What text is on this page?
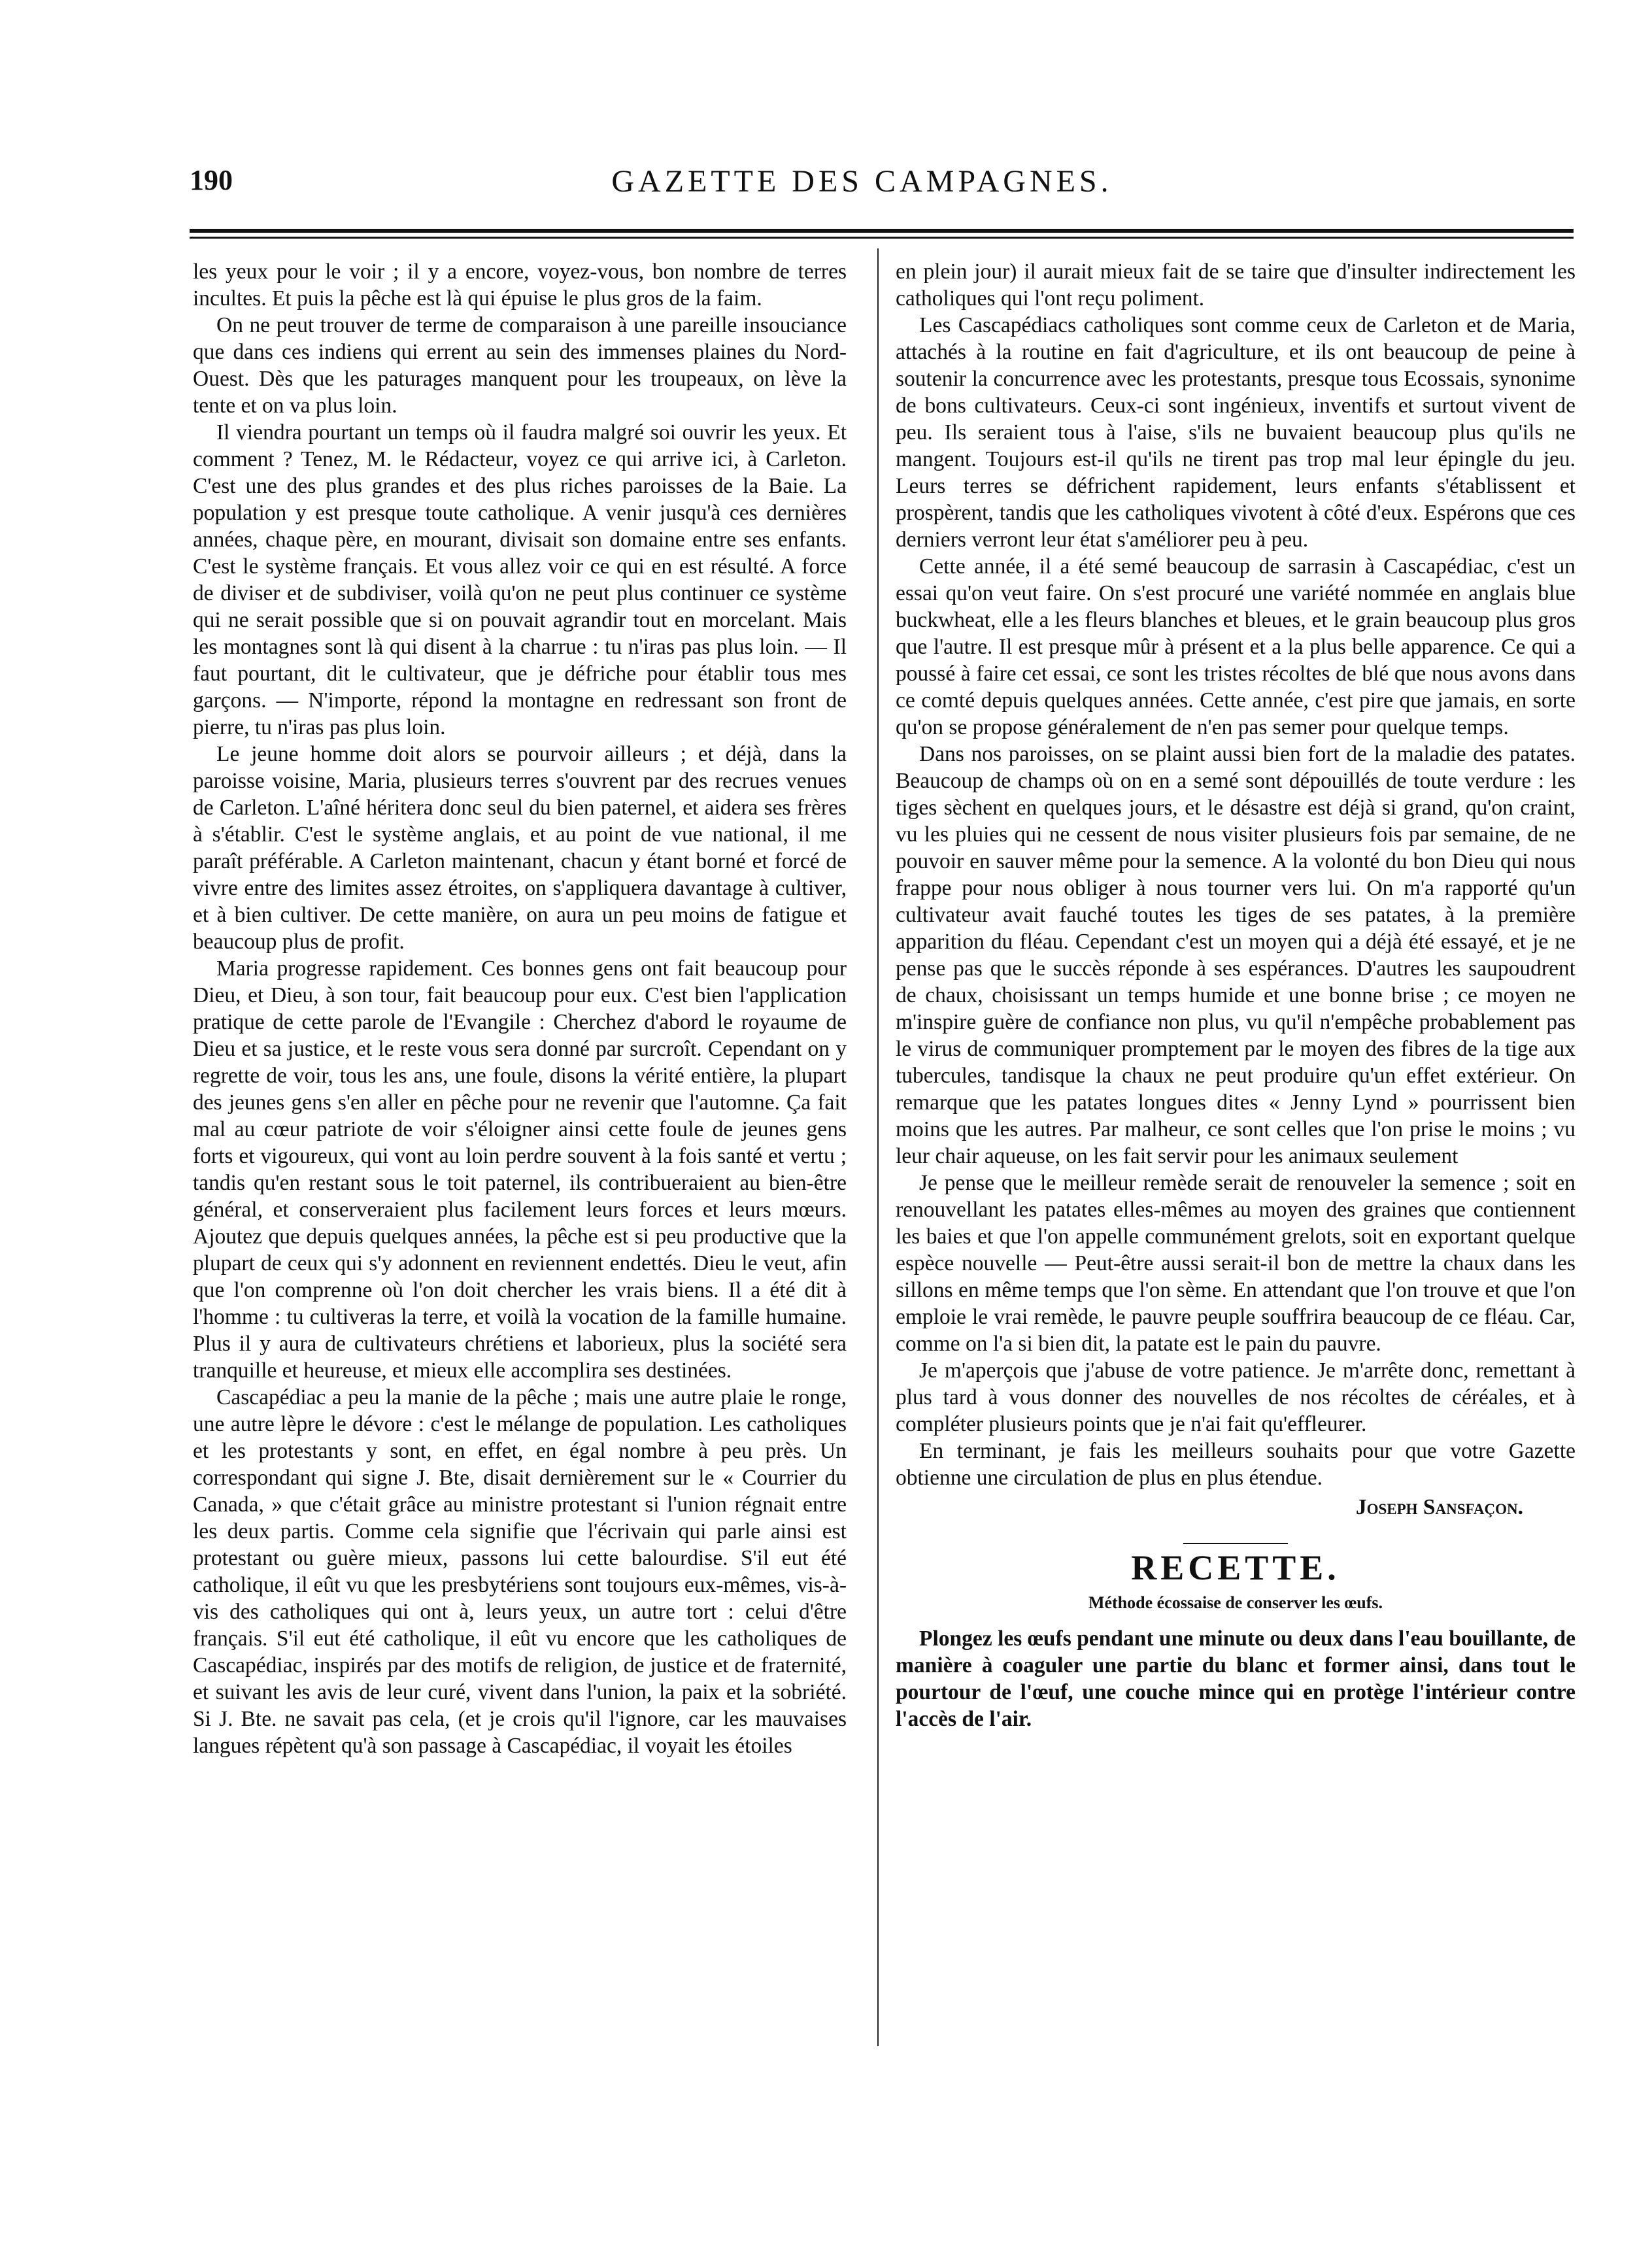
190	GAZETTE DES CAMPAGNES.

les yeux pour le voir ; il y a encore, voyez-vous, bon nombre de terres incultes. Et puis la pêche est là qui épuise le plus gros de la faim.

On ne peut trouver de terme de comparaison à une pareille insouciance que dans ces indiens qui errent au sein des immenses plaines du Nord-Ouest. Dès que les paturages manquent pour les troupeaux, on lève la tente et on va plus loin.

Il viendra pourtant un temps où il faudra malgré soi ouvrir les yeux. Et comment ? Tenez, M. le Rédacteur, voyez ce qui arrive ici, à Carleton. C'est une des plus grandes et des plus riches paroisses de la Baie. La population y est presque toute catholique. A venir jusqu'à ces dernières années, chaque père, en mourant, divisait son domaine entre ses enfants. C'est le système français. Et vous allez voir ce qui en est résulté. A force de diviser et de subdiviser, voilà qu'on ne peut plus continuer ce système qui ne serait possible que si on pouvait agrandir tout en morcelant. Mais les montagnes sont là qui disent à la charrue : tu n'iras pas plus loin. — Il faut pourtant, dit le cultivateur, que je défriche pour établir tous mes garçons. — N'importe, répond la montagne en redressant son front de pierre, tu n'iras pas plus loin.

Le jeune homme doit alors se pourvoir ailleurs ; et déjà, dans la paroisse voisine, Maria, plusieurs terres s'ouvrent par des recrues venues de Carleton. L'aîné héritera donc seul du bien paternel, et aidera ses frères à s'établir. C'est le système anglais, et au point de vue national, il me paraît préférable. A Carleton maintenant, chacun y étant borné et forcé de vivre entre des limites assez étroites, on s'appliquera davantage à cultiver, et à bien cultiver. De cette manière, on aura un peu moins de fatigue et beaucoup plus de profit.

Maria progresse rapidement. Ces bonnes gens ont fait beaucoup pour Dieu, et Dieu, à son tour, fait beaucoup pour eux. C'est bien l'application pratique de cette parole de l'Evangile : Cherchez d'abord le royaume de Dieu et sa justice, et le reste vous sera donné par surcroît. Cependant on y regrette de voir, tous les ans, une foule, disons la vérité entière, la plupart des jeunes gens s'en aller en pêche pour ne revenir que l'automne. Ça fait mal au cœur patriote de voir s'éloigner ainsi cette foule de jeunes gens forts et vigoureux, qui vont au loin perdre souvent à la fois santé et vertu ; tandis qu'en restant sous le toit paternel, ils contribueraient au bien-être général, et conserveraient plus facilement leurs forces et leurs mœurs. Ajoutez que depuis quelques années, la pêche est si peu productive que la plupart de ceux qui s'y adonnent en reviennent endettés. Dieu le veut, afin que l'on comprenne où l'on doit chercher les vrais biens. Il a été dit à l'homme : tu cultiveras la terre, et voilà la vocation de la famille humaine. Plus il y aura de cultivateurs chrétiens et laborieux, plus la société sera tranquille et heureuse, et mieux elle accomplira ses destinées.

Cascapédiac a peu la manie de la pêche ; mais une autre plaie le ronge, une autre lèpre le dévore : c'est le mélange de population. Les catholiques et les protestants y sont, en effet, en égal nombre à peu près. Un correspondant qui signe J. Bte, disait dernièrement sur le « Courrier du Canada, » que c'était grâce au ministre protestant si l'union régnait entre les deux partis. Comme cela signifie que l'écrivain qui parle ainsi est protestant ou guère mieux, passons lui cette balourdise. S'il eut été catholique, il eût vu que les presbytériens sont toujours eux-mêmes, vis-à-vis des catholiques qui ont à, leurs yeux, un autre tort : celui d'être français. S'il eut été catholique, il eût vu encore que les catholiques de Cascapédiac, inspirés par des motifs de religion, de justice et de fraternité, et suivant les avis de leur curé, vivent dans l'union, la paix et la sobriété. Si J. Bte. ne savait pas cela, (et je crois qu'il l'ignore, car les mauvaises langues répètent qu'à son passage à Cascapédiac, il voyait les étoiles

en plein jour) il aurait mieux fait de se taire que d'insulter indirectement les catholiques qui l'ont reçu poliment.

Les Cascapédiacs catholiques sont comme ceux de Carleton et de Maria, attachés à la routine en fait d'agriculture, et ils ont beaucoup de peine à soutenir la concurrence avec les protestants, presque tous Ecossais, synonime de bons cultivateurs. Ceux-ci sont ingénieux, inventifs et surtout vivent de peu. Ils seraient tous à l'aise, s'ils ne buvaient beaucoup plus qu'ils ne mangent. Toujours est-il qu'ils ne tirent pas trop mal leur épingle du jeu. Leurs terres se défrichent rapidement, leurs enfants s'établissent et prospèrent, tandis que les catholiques vivotent à côté d'eux. Espérons que ces derniers verront leur état s'améliorer peu à peu.

Cette année, il a été semé beaucoup de sarrasin à Cascapédiac, c'est un essai qu'on veut faire. On s'est procuré une variété nommée en anglais blue buckwheat, elle a les fleurs blanches et bleues, et le grain beaucoup plus gros que l'autre. Il est presque mûr à présent et a la plus belle apparence. Ce qui a poussé à faire cet essai, ce sont les tristes récoltes de blé que nous avons dans ce comté depuis quelques années. Cette année, c'est pire que jamais, en sorte qu'on se propose généralement de n'en pas semer pour quelque temps.

Dans nos paroisses, on se plaint aussi bien fort de la maladie des patates. Beaucoup de champs où on en a semé sont dépouillés de toute verdure : les tiges sèchent en quelques jours, et le désastre est déjà si grand, qu'on craint, vu les pluies qui ne cessent de nous visiter plusieurs fois par semaine, de ne pouvoir en sauver même pour la semence. A la volonté du bon Dieu qui nous frappe pour nous obliger à nous tourner vers lui. On m'a rapporté qu'un cultivateur avait fauché toutes les tiges de ses patates, à la première apparition du fléau. Cependant c'est un moyen qui a déjà été essayé, et je ne pense pas que le succès réponde à ses espérances. D'autres les saupoudrent de chaux, choisissant un temps humide et une bonne brise ; ce moyen ne m'inspire guère de confiance non plus, vu qu'il n'empêche probablement pas le virus de communiquer promptement par le moyen des fibres de la tige aux tubercules, tandisque la chaux ne peut produire qu'un effet extérieur. On remarque que les patates longues dites « Jenny Lynd » pourrissent bien moins que les autres. Par malheur, ce sont celles que l'on prise le moins ; vu leur chair aqueuse, on les fait servir pour les animaux seulement

Je pense que le meilleur remède serait de renouveler la semence ; soit en renouvellant les patates elles-mêmes au moyen des graines que contiennent les baies et que l'on appelle communément grelots, soit en exportant quelque espèce nouvelle — Peut-être aussi serait-il bon de mettre la chaux dans les sillons en même temps que l'on sème. En attendant que l'on trouve et que l'on emploie le vrai remède, le pauvre peuple souffrira beaucoup de ce fléau. Car, comme on l'a si bien dit, la patate est le pain du pauvre.

Je m'aperçois que j'abuse de votre patience. Je m'arrête donc, remettant à plus tard à vous donner des nouvelles de nos récoltes de céréales, et à compléter plusieurs points que je n'ai fait qu'effleurer.

En terminant, je fais les meilleurs souhaits pour que votre Gazette obtienne une circulation de plus en plus étendue.

Joseph Sansfaçon.
RECETTE.
Méthode écossaise de conserver les œufs.

Plongez les œufs pendant une minute ou deux dans l'eau bouillante, de manière à coaguler une partie du blanc et former ainsi, dans tout le pourtour de l'œuf, une couche mince qui en protège l'intérieur contre l'accès de l'air.
